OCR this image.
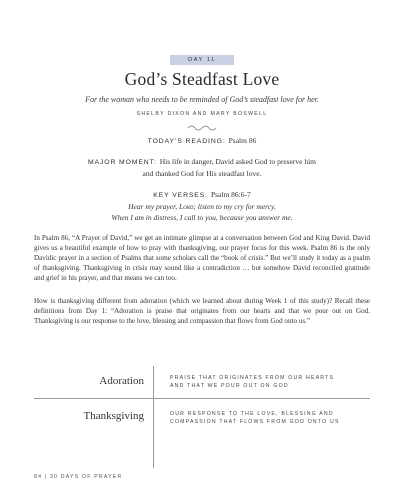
DAY 11
God’s Steadfast Love
For the woman who needs to be reminded of God’s steadfast love for her.
SHELBY DIXON AND MARY BOSWELL
TODAY’S READING: Psalm 86
MAJOR MOMENT: His life in danger, David asked God to preserve him
and thanked God for His steadfast love.
KEY VERSES: Psalm 86:6-7
Hear my prayer, Lord; listen to my cry for mercy.
When I am in distress, I call to you, because you answer me.

In Psalm 86, “A Prayer of David,” we get an intimate glimpse at a conversation between God and King David. David gives us a beautiful example of how to pray with thanksgiving, our prayer focus for this week. Psalm 86 is the only Davidic prayer in a section of Psalms that some scholars call the “book of crisis.” But we’ll study it today as a psalm of thanksgiving. Thanksgiving in crisis may sound like a contradiction … but somehow David reconciled gratitude and grief in his prayer, and that means we can too.

How is thanksgiving different from adoration (which we learned about during Week 1 of this study)? Recall these definitions from Day 1: “Adoration is praise that originates from our hearts and that we pour out on God. Thanksgiving is our response to the love, blessing and compassion that flows from God onto us.”

Adoration	PRAISE THAT ORIGINATES FROM OUR HEARTS AND THAT WE POUR OUT ON GOD
Thanksgiving	OUR RESPONSE TO THE LOVE, BLESSING AND COMPASSION THAT FLOWS FROM GOD ONTO US
84 | 30 DAYS OF PRAYER
